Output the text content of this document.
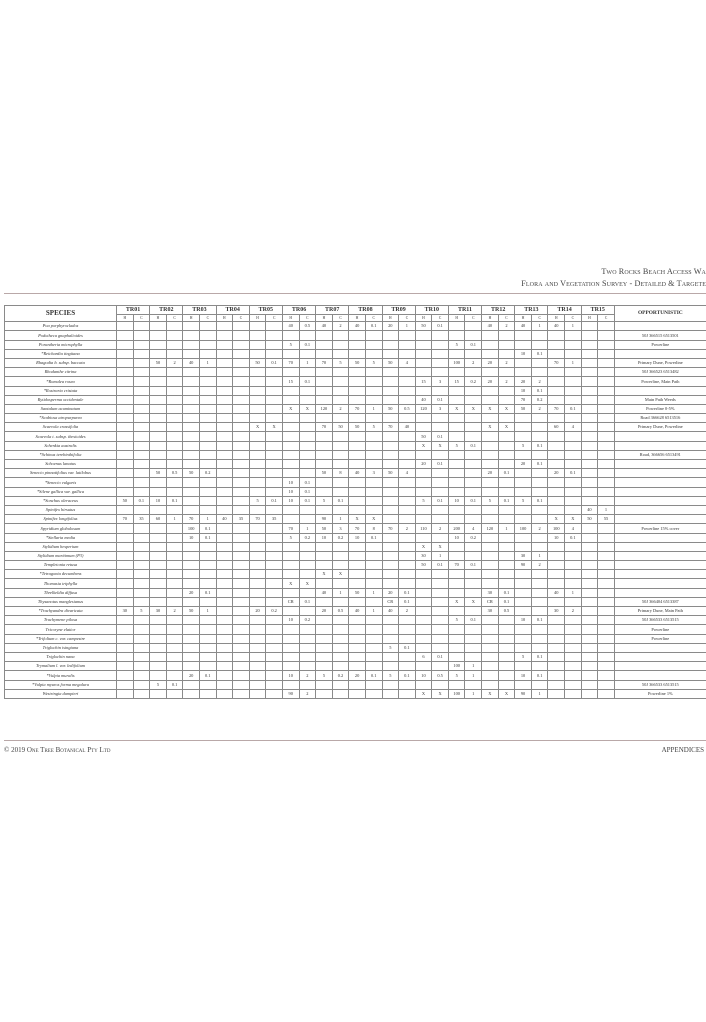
Two Rocks Beach Access Wa
Flora and Vegetation Survey - Detailed & Targete
SPECIES	TR01		TR02		TR03		TR04		TR05		TR06		TR07		TR08		TR09		TR10		TR11		TR12		TR13		TR14		TR15		OPPORTUNISTIC
	H	C	H	C	H	C	H	C	H	C	H	C	H	C	H	C	H	C	H	C	H	C	H	C	H	C	H	C	H	C	
Poa porphyroclados											40	0.5	40	2	40	0.1	20	1	50	0.1			40	2	40	1	40	1			
Podotheca gnaphalioides																															50J 366515 6513501
Porantheria microphylla											5	0.1									5	0.1									Powerline
*Reichardia tingitana																									10	0.1					
Rhagodia b. subsp. baccata			50	2	40	1			50	0.1	70	1	70	5	50	5	50	4			100	2	20	2			70	1			Primary Dune, Powerline
Rhodanthe citrina																															50J 366523 6513482
*Romulea rosea											15	0.1							15	3	15	0.2	20	2	20	2					Powerline, Main Path
*Rostraria cristata																									10	0.1					
Rytidosperma occidentale																			40	0.1					70	0.2					Main Path Weeds
Santalum acuminatum											X	X	120	2	70	1	50	0.5	120	3	X	X	X	X	50	2	70	0.1			Powerline 0-5%
*Scabiosa atropurpurea																															Road 366628 6513516
Scaevola crassifolia									X	X			70	50	50	5	70	40					X	X			60	4			Primary Dune, Powerline
Scaevola t. subsp. thesioides																			50	0.1											
Schenkia australis																			X	X	5	0.1			5	0.1					
*Schinus terebinthifolia																															Road, 366656 6513491
Schoenus lanatus																			20	0.1					20	0.1					
Senecio pinnatifolius var. latilobus			50	0.5	50	0.2							50	8	40	3	50	4					20	0.1			20	0.1			
*Senecio vulgaris											10	0.1																			
*Silene gallica var. gallica											10	0.1																			
*Sonchus oleraceus	50	0.1	10	0.1					5	0.1	10	0.1	5	0.1					5	0.1	10	0.1	5	0.1	5	0.1					
Spinifex hirsutus																													40	1	
Spinifex longifolius	70	35	60	1	70	1	40	35	70	35			90	1	X	X											X	X	50	55	
Spyridium globulosum					100	0.1					70	1	50	3	70	8	70	2	110	2	200	4	120	1	100	2	100	4			Powerline 15% cover
*Stellaria media					10	0.1					5	0.2	10	0.2	10	0.1					10	0.2					10	0.1			
Stylidium hesperium																			X	X											
Stylidium maritimum (P3)																			30	1					30	1					
Templetonia retusa																			50	0.1	70	0.1			90	2					
*Tetragonia decumbens													X	X																	
Thomasia triphylla											X	X																			
Threlkeldia diffusa					20	0.1							40	1	50	1	20	0.1					30	0.1			40	1			
Thysanotus manglesianus											CR	0.1					CR	0.1			X	X	CR	0.1							50J 366404 6513387
*Trachyandra divaricata	30	5	30	2	50	1			20	0.2			20	0.5	40	1	40	2					30	0.5			30	2			Primary Dune, Main Path
Trachymene pilosa											10	0.2									5	0.1			10	0.1					50J 366533 6513515
Tricoryne elatior																															Powerline
*Trifolium c. var. campestre																															Powerline
Triglochin isingiana																	5	0.1													
Triglochin nana																			6	0.1					5	0.1					
Trymalium l. var. ledifolium																					100	1									
*Vulpia muralis					20	0.1					10	2	5	0.2	20	0.1	5	0.1	10	0.5	5	1			10	0.1					
*Vulpia myuros forma megalura			5	0.1																											50J 366533 6513515
Westringia dampieri											90	2							X	X	100	1	X	X	90	1					Powerline 1%
© 2019 One Tree Botanical Pty Ltd	APPENDICES
